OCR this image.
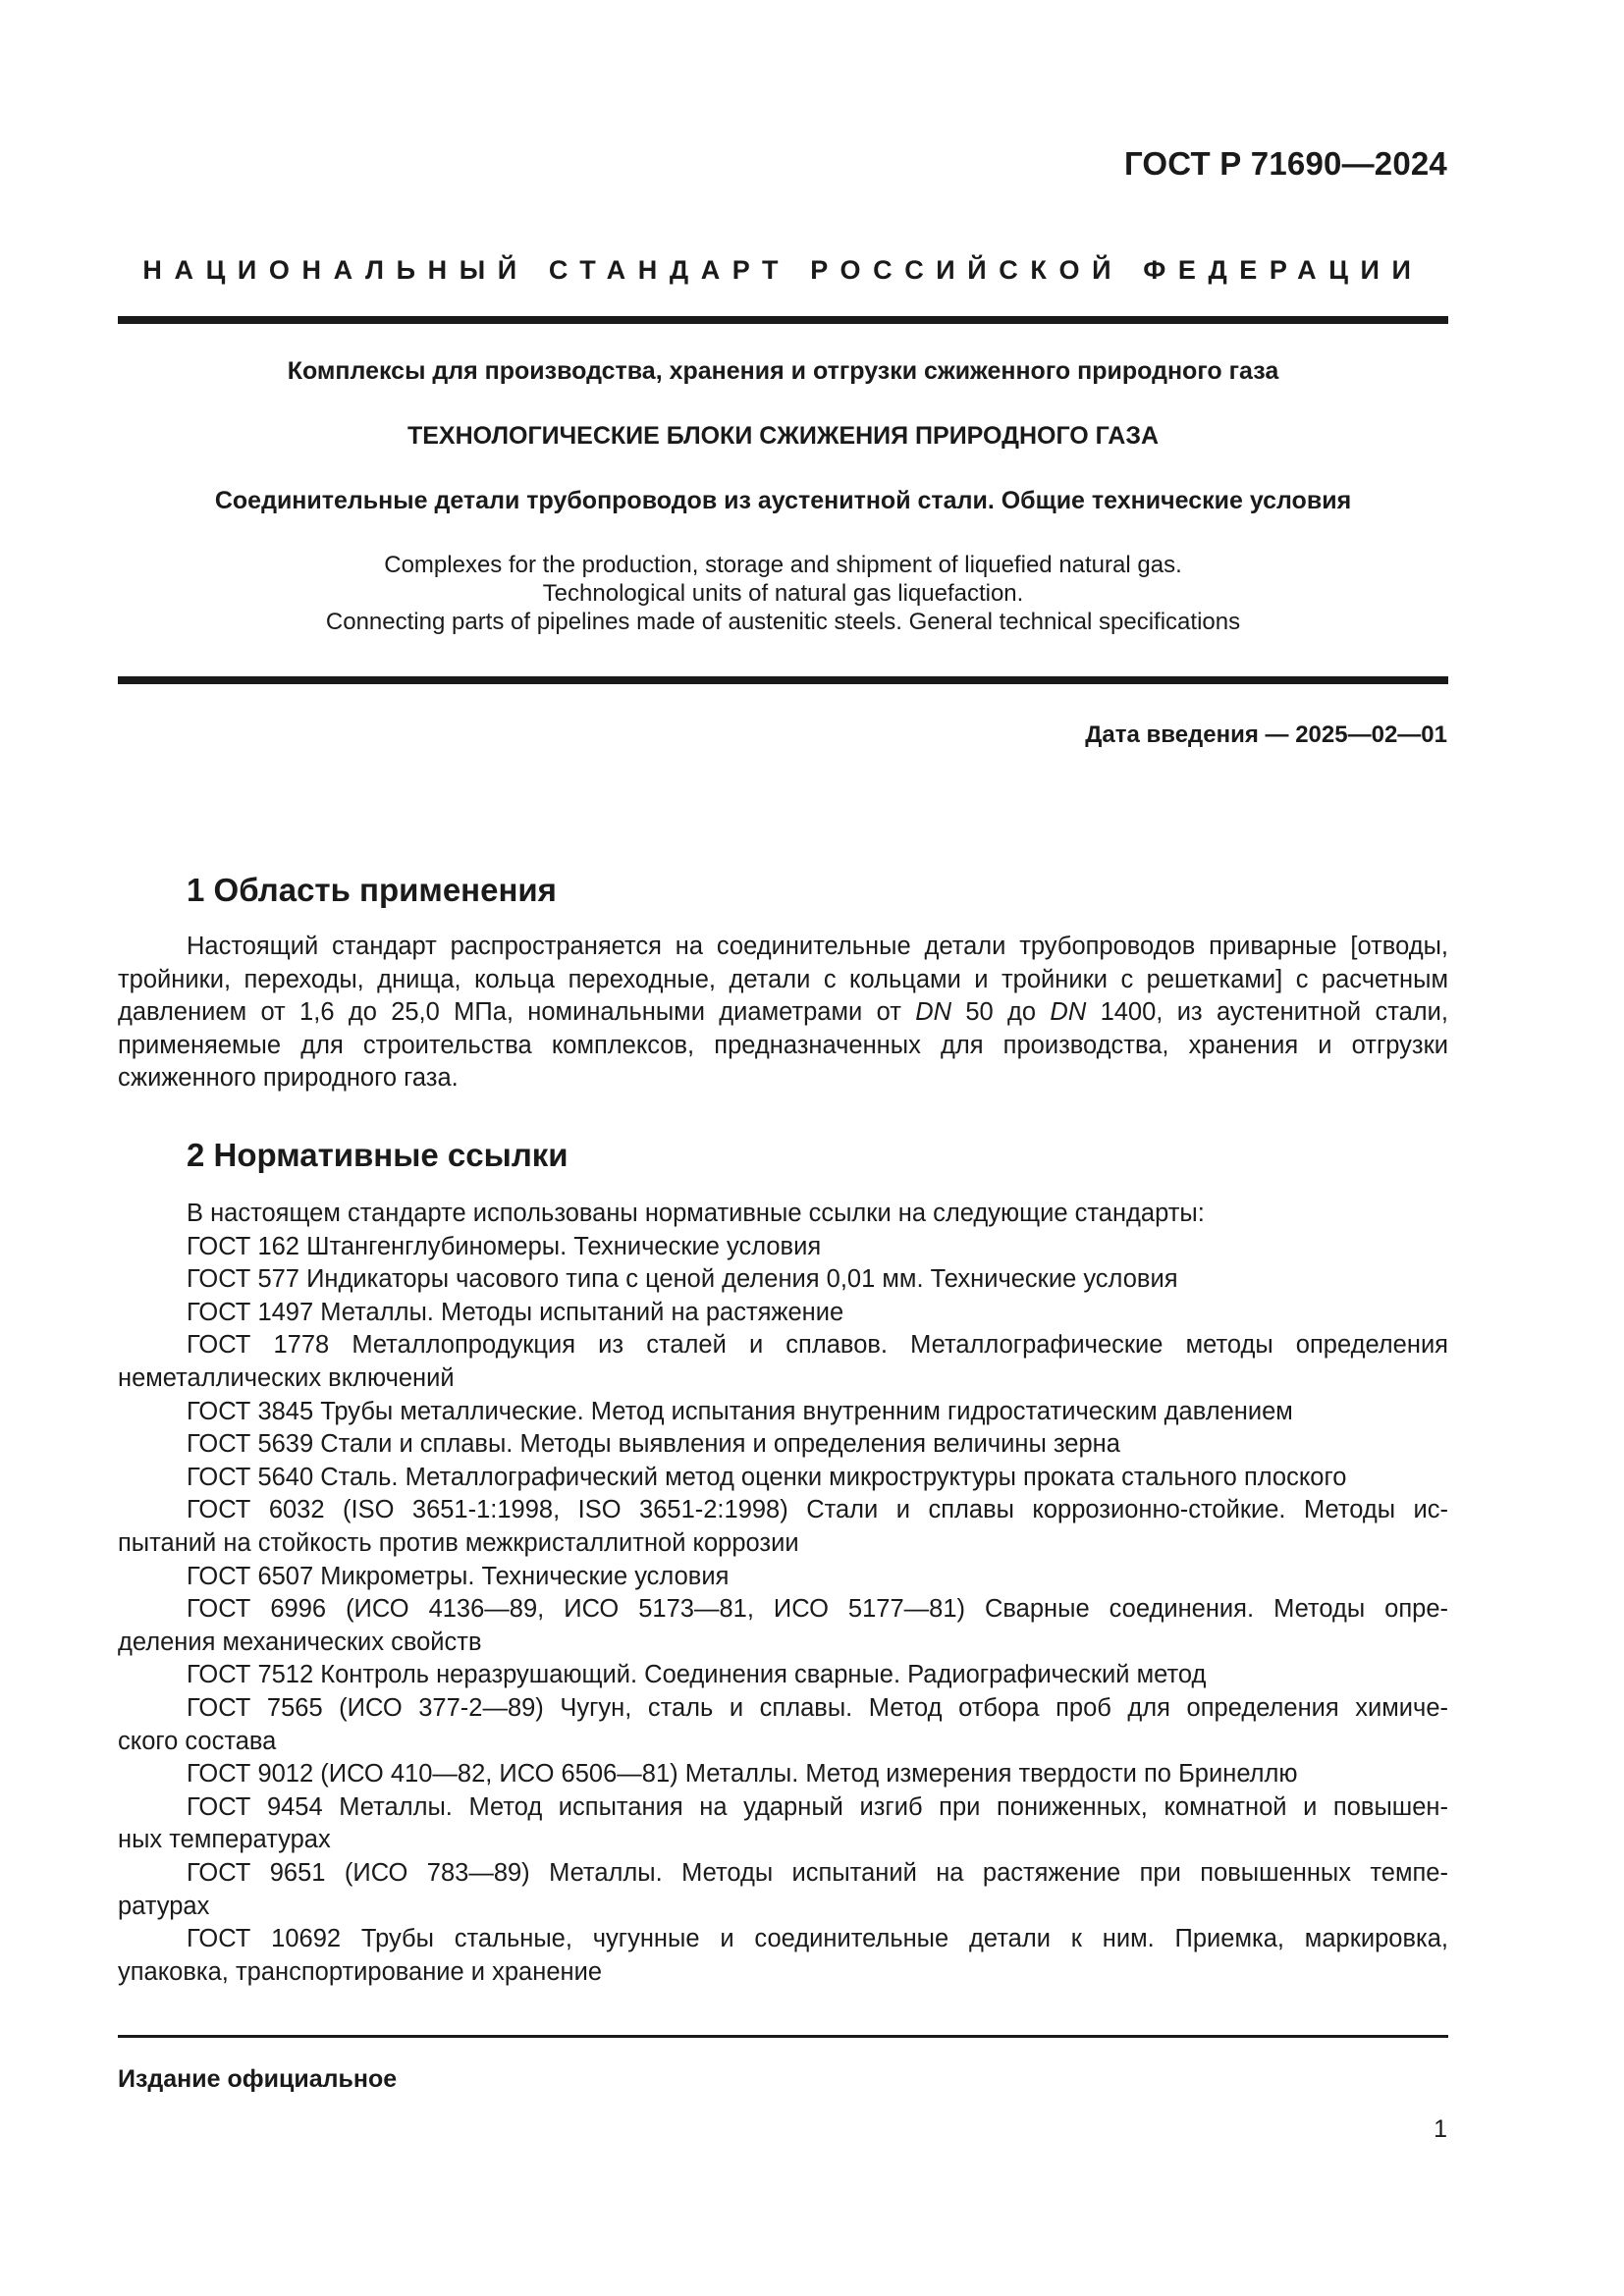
ГОСТ Р 71690—2024
НАЦИОНАЛЬНЫЙ СТАНДАРТ РОССИЙСКОЙ ФЕДЕРАЦИИ
Комплексы для производства, хранения и отгрузки сжиженного природного газа
ТЕХНОЛОГИЧЕСКИЕ БЛОКИ СЖИЖЕНИЯ ПРИРОДНОГО ГАЗА
Соединительные детали трубопроводов из аустенитной стали. Общие технические условия
Complexes for the production, storage and shipment of liquefied natural gas.
Technological units of natural gas liquefaction.
Connecting parts of pipelines made of austenitic steels. General technical specifications
Дата введения — 2025—02—01
1 Область применения
Настоящий стандарт распространяется на соединительные детали трубопроводов приварные [отводы, тройники, переходы, днища, кольца переходные, детали с кольцами и тройники с решетками] с расчетным давлением от 1,6 до 25,0 МПа, номинальными диаметрами от DN 50 до DN 1400, из аустенитной стали, применяемые для строительства комплексов, предназначенных для производства, хранения и отгрузки сжиженного природного газа.
2 Нормативные ссылки
В настоящем стандарте использованы нормативные ссылки на следующие стандарты:
ГОСТ 162 Штангенглубиномеры. Технические условия
ГОСТ 577 Индикаторы часового типа с ценой деления 0,01 мм. Технические условия
ГОСТ 1497 Металлы. Методы испытаний на растяжение
ГОСТ 1778 Металлопродукция из сталей и сплавов. Металлографические методы определения
неметаллических включений
ГОСТ 3845 Трубы металлические. Метод испытания внутренним гидростатическим давлением
ГОСТ 5639 Стали и сплавы. Методы выявления и определения величины зерна
ГОСТ 5640 Сталь. Металлографический метод оценки микроструктуры проката стального плоского
ГОСТ 6032 (ISO 3651-1:1998, ISO 3651-2:1998) Стали и сплавы коррозионно-стойкие. Методы ис-
пытаний на стойкость против межкристаллитной коррозии
ГОСТ 6507 Микрометры. Технические условия
ГОСТ 6996 (ИСО 4136—89, ИСО 5173—81, ИСО 5177—81) Сварные соединения. Методы опре-
деления механических свойств
ГОСТ 7512 Контроль неразрушающий. Соединения сварные. Радиографический метод
ГОСТ 7565 (ИСО 377-2—89) Чугун, сталь и сплавы. Метод отбора проб для определения химиче-
ского состава
ГОСТ 9012 (ИСО 410—82, ИСО 6506—81) Металлы. Метод измерения твердости по Бринеллю
ГОСТ 9454 Металлы. Метод испытания на ударный изгиб при пониженных, комнатной и повышен-
ных температурах
ГОСТ 9651 (ИСО 783—89) Металлы. Методы испытаний на растяжение при повышенных темпе-
ратурах
ГОСТ 10692 Трубы стальные, чугунные и соединительные детали к ним. Приемка, маркировка,
упаковка, транспортирование и хранение
Издание официальное
1
